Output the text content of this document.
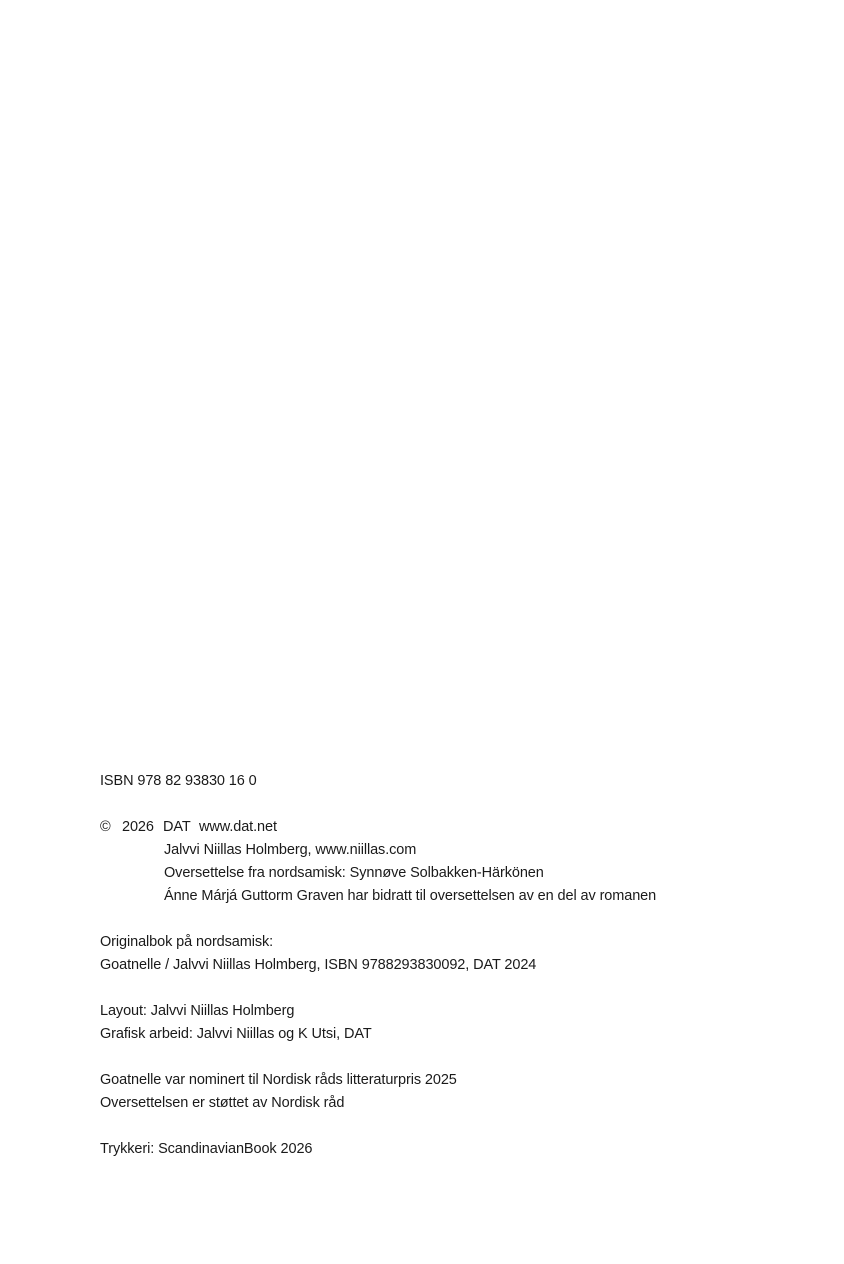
ISBN 978 82 93830 16 0
© 2026 DAT www.dat.net
Jalvvi Niillas Holmberg, www.niillas.com
Oversettelse fra nordsamisk: Synnøve Solbakken-Härkönen
Ánne Márjá Guttorm Graven har bidratt til oversettelsen av en del av romanen
Originalbok på nordsamisk:
Goatnelle / Jalvvi Niillas Holmberg, ISBN 9788293830092, DAT 2024
Layout: Jalvvi Niillas Holmberg
Grafisk arbeid: Jalvvi Niillas og K Utsi, DAT
Goatnelle var nominert til Nordisk råds litteraturpris 2025
Oversettelsen er støttet av Nordisk råd
Trykkeri: ScandinavianBook 2026
